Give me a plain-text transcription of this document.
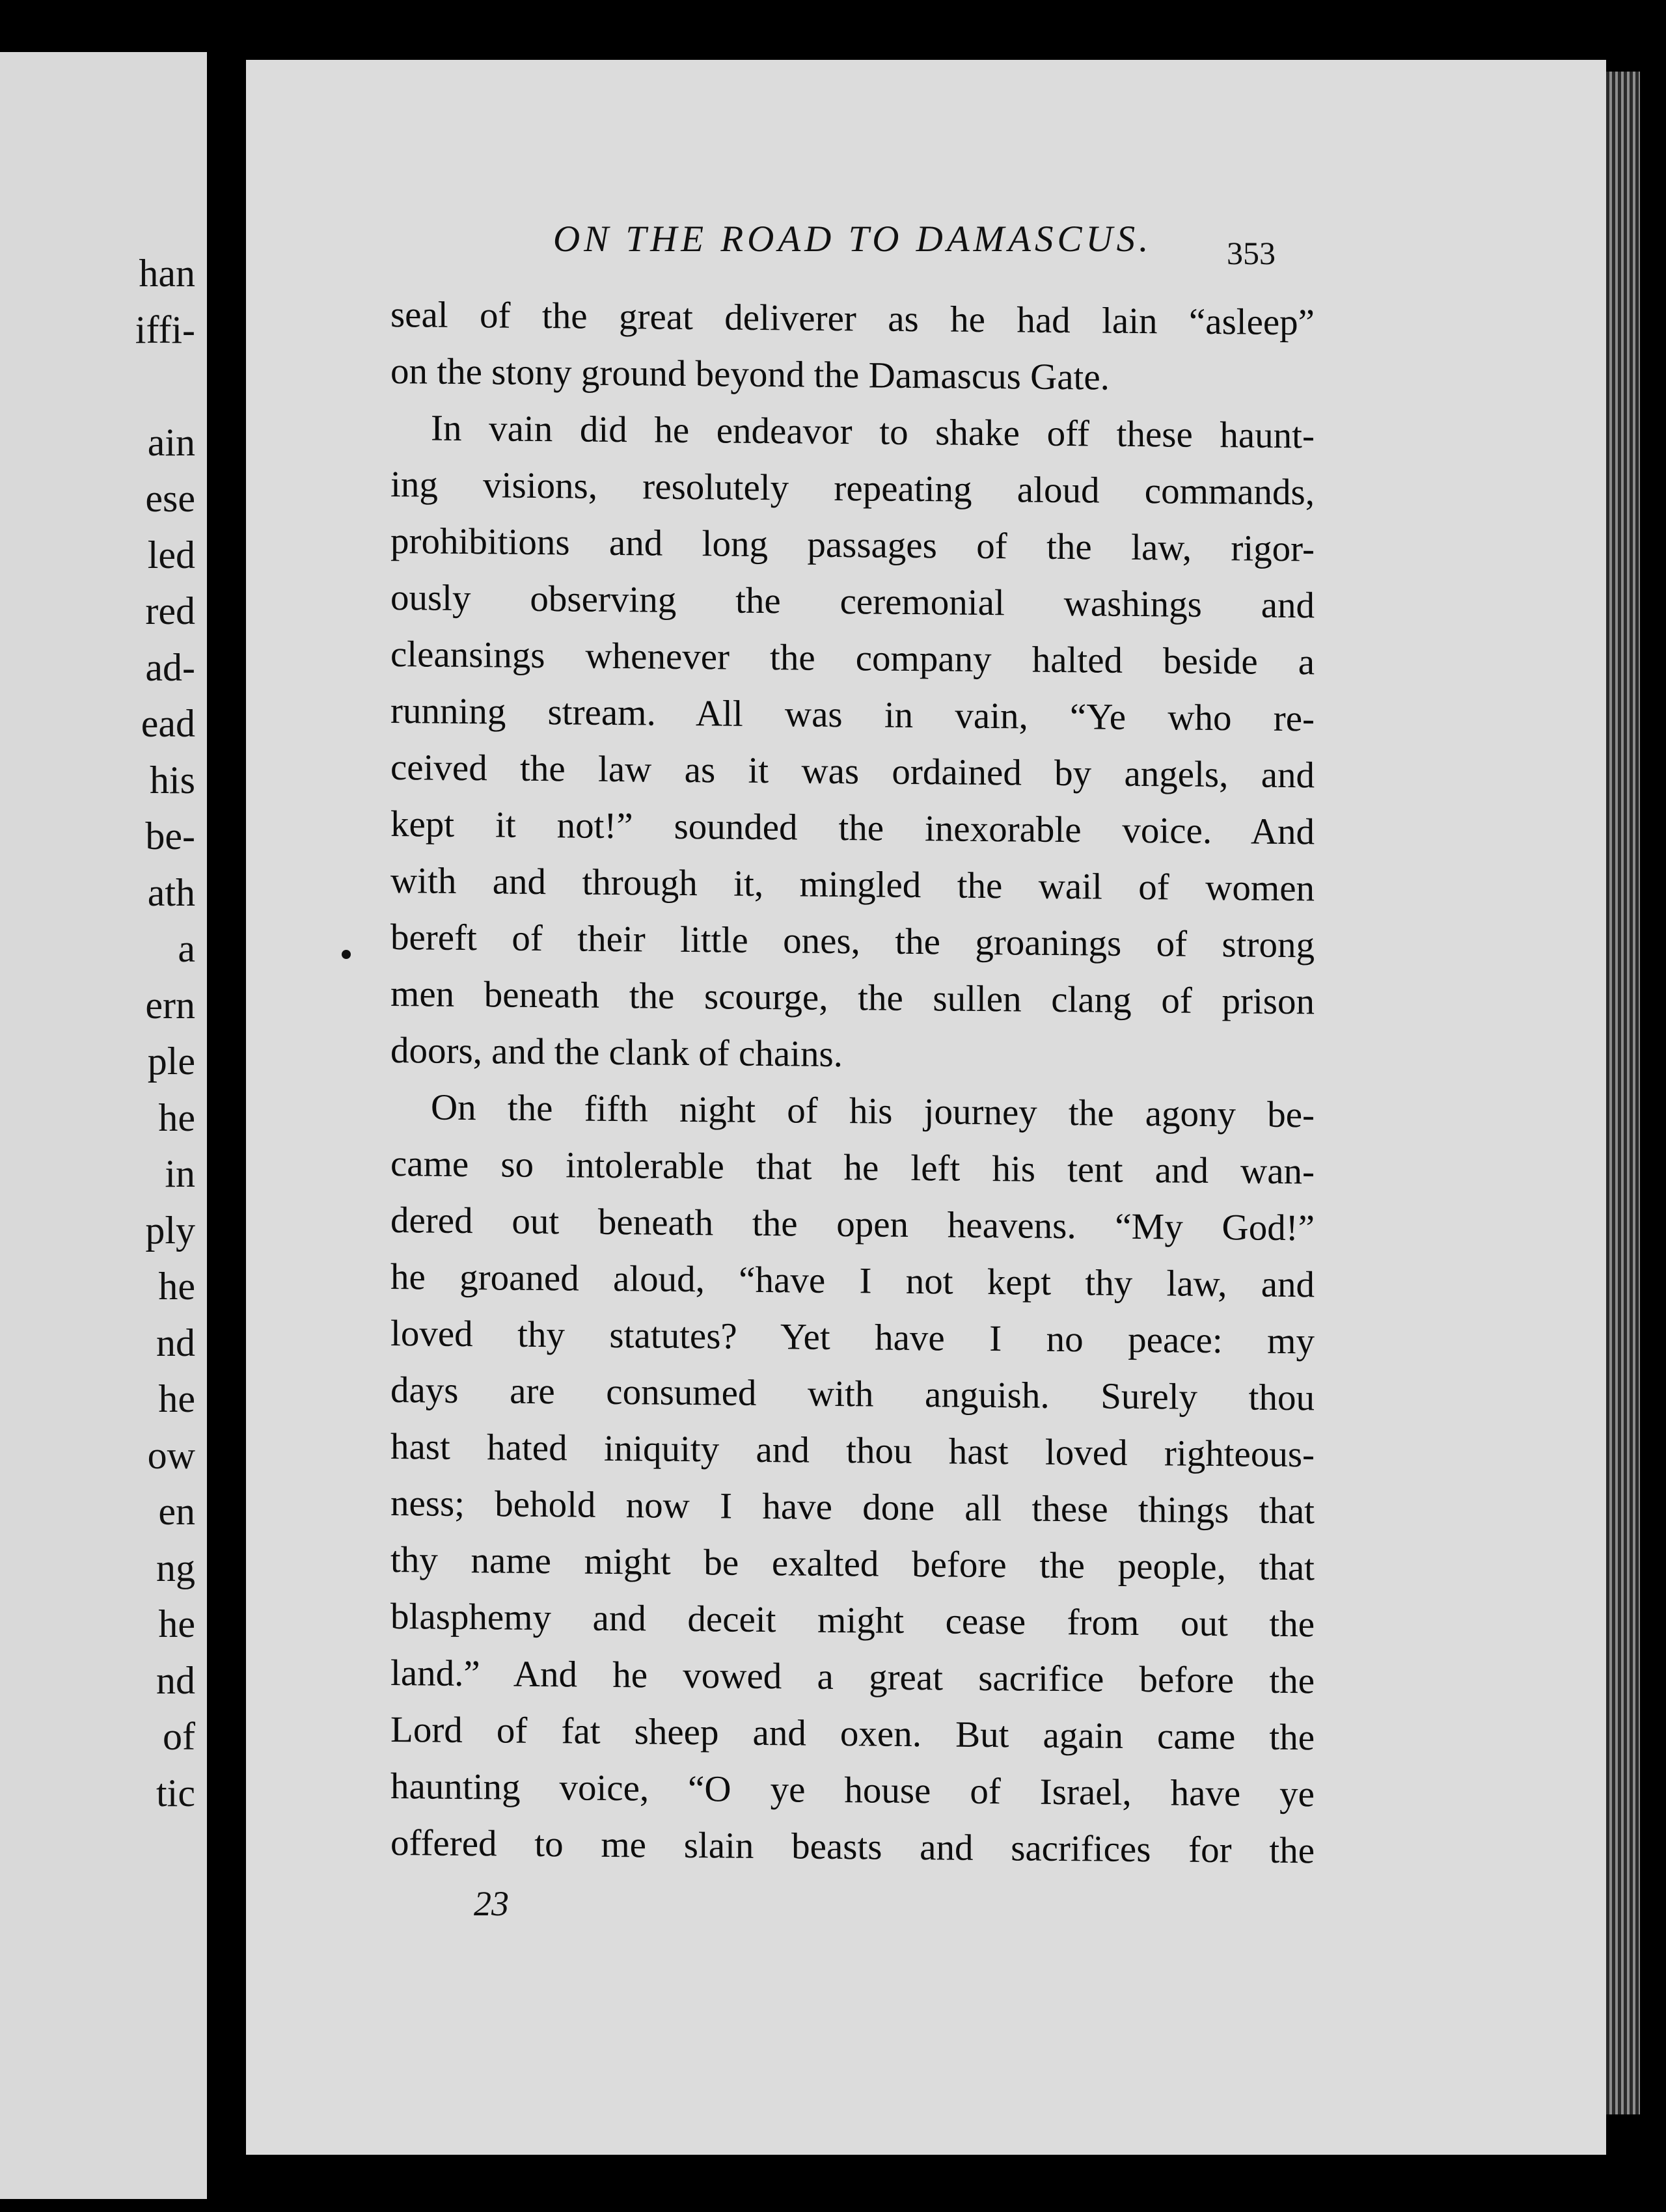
han
iffi-
ain
ese
led
red
ad-
ead
his
be-
ath
a
ern
ple
he
in
ply
he
nd
he
ow
en
ng
he
nd
of
tic
ON THE ROAD TO DAMASCUS. 353
seal of the great deliverer as he had lain “asleep”
on the stony ground beyond the Damascus Gate.
In vain did he endeavor to shake off these haunt-
ing visions, resolutely repeating aloud commands,
prohibitions and long passages of the law, rigor-
ously observing the ceremonial washings and
cleansings whenever the company halted beside a
running stream. All was in vain, “Ye who re-
ceived the law as it was ordained by angels, and
kept it not!” sounded the inexorable voice. And
with and through it, mingled the wail of women
bereft of their little ones, the groanings of strong
men beneath the scourge, the sullen clang of prison
doors, and the clank of chains.
On the fifth night of his journey the agony be-
came so intolerable that he left his tent and wan-
dered out beneath the open heavens. “My God!”
he groaned aloud, “have I not kept thy law, and
loved thy statutes? Yet have I no peace: my
days are consumed with anguish. Surely thou
hast hated iniquity and thou hast loved righteous-
ness; behold now I have done all these things that
thy name might be exalted before the people, that
blasphemy and deceit might cease from out the
land.” And he vowed a great sacrifice before the
Lord of fat sheep and oxen. But again came the
haunting voice, “O ye house of Israel, have ye
offered to me slain beasts and sacrifices for the
23
